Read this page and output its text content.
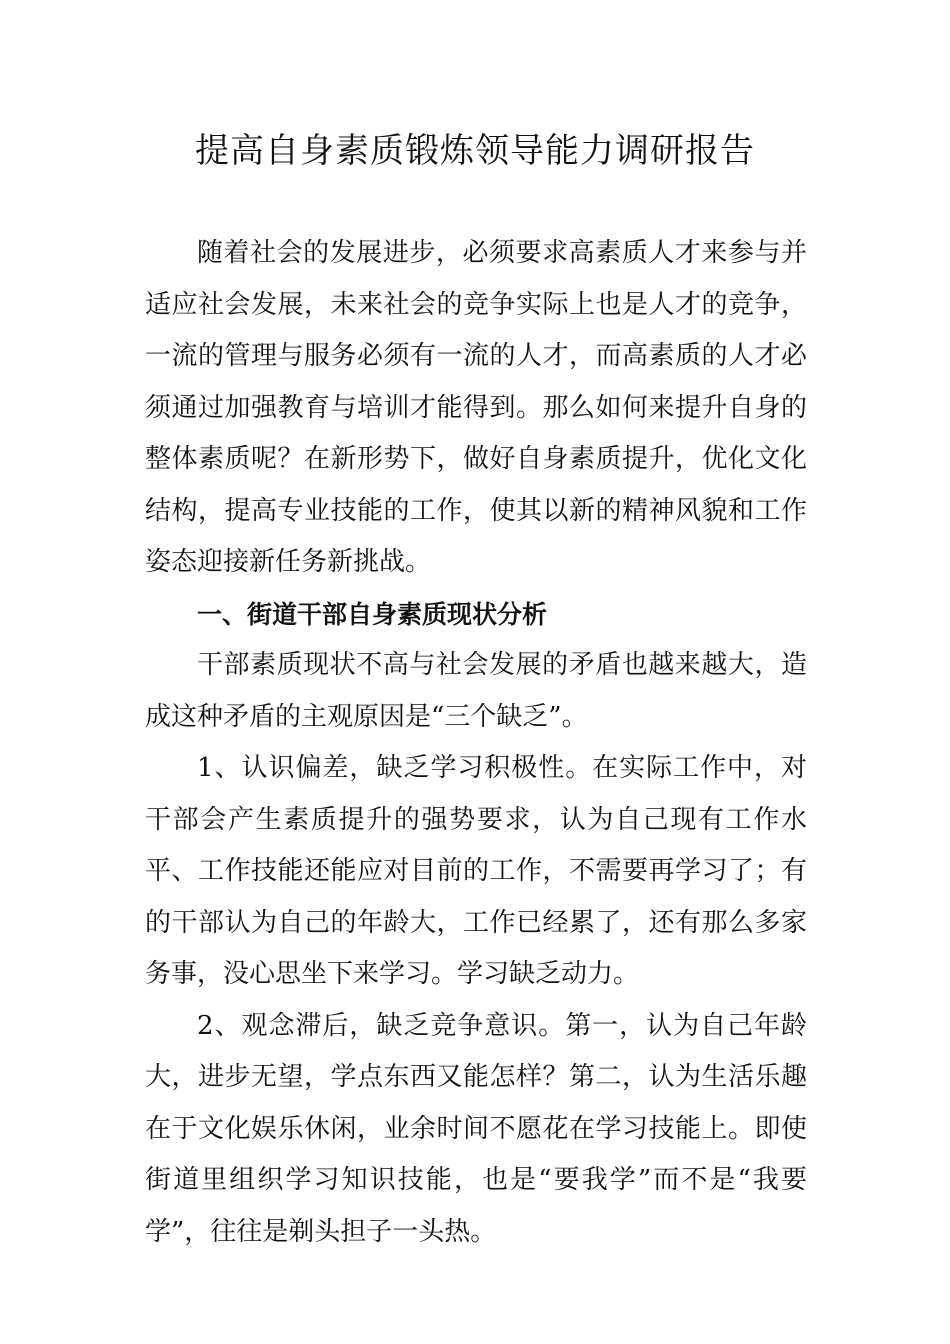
提高自身素质锻炼领导能力调研报告

随着社会的发展进步，必须要求高素质人才来参与并适应社会发展，未来社会的竞争实际上也是人才的竞争，一流的管理与服务必须有一流的人才，而高素质的人才必须通过加强教育与培训才能得到。那么如何来提升自身的整体素质呢？在新形势下，做好自身素质提升，优化文化结构，提高专业技能的工作，使其以新的精神风貌和工作姿态迎接新任务新挑战。

一、街道干部自身素质现状分析

干部素质现状不高与社会发展的矛盾也越来越大，造成这种矛盾的主观原因是“三个缺乏”。

1、认识偏差，缺乏学习积极性。在实际工作中，对干部会产生素质提升的强势要求，认为自己现有工作水平、工作技能还能应对目前的工作，不需要再学习了；有的干部认为自己的年龄大，工作已经累了，还有那么多家务事，没心思坐下来学习。学习缺乏动力。

2、观念滞后，缺乏竞争意识。第一，认为自己年龄大，进步无望，学点东西又能怎样？第二，认为生活乐趣在于文化娱乐休闲，业余时间不愿花在学习技能上。即使街道里组织学习知识技能，也是“要我学”而不是“我要学”，往往是剃头担子一头热。
